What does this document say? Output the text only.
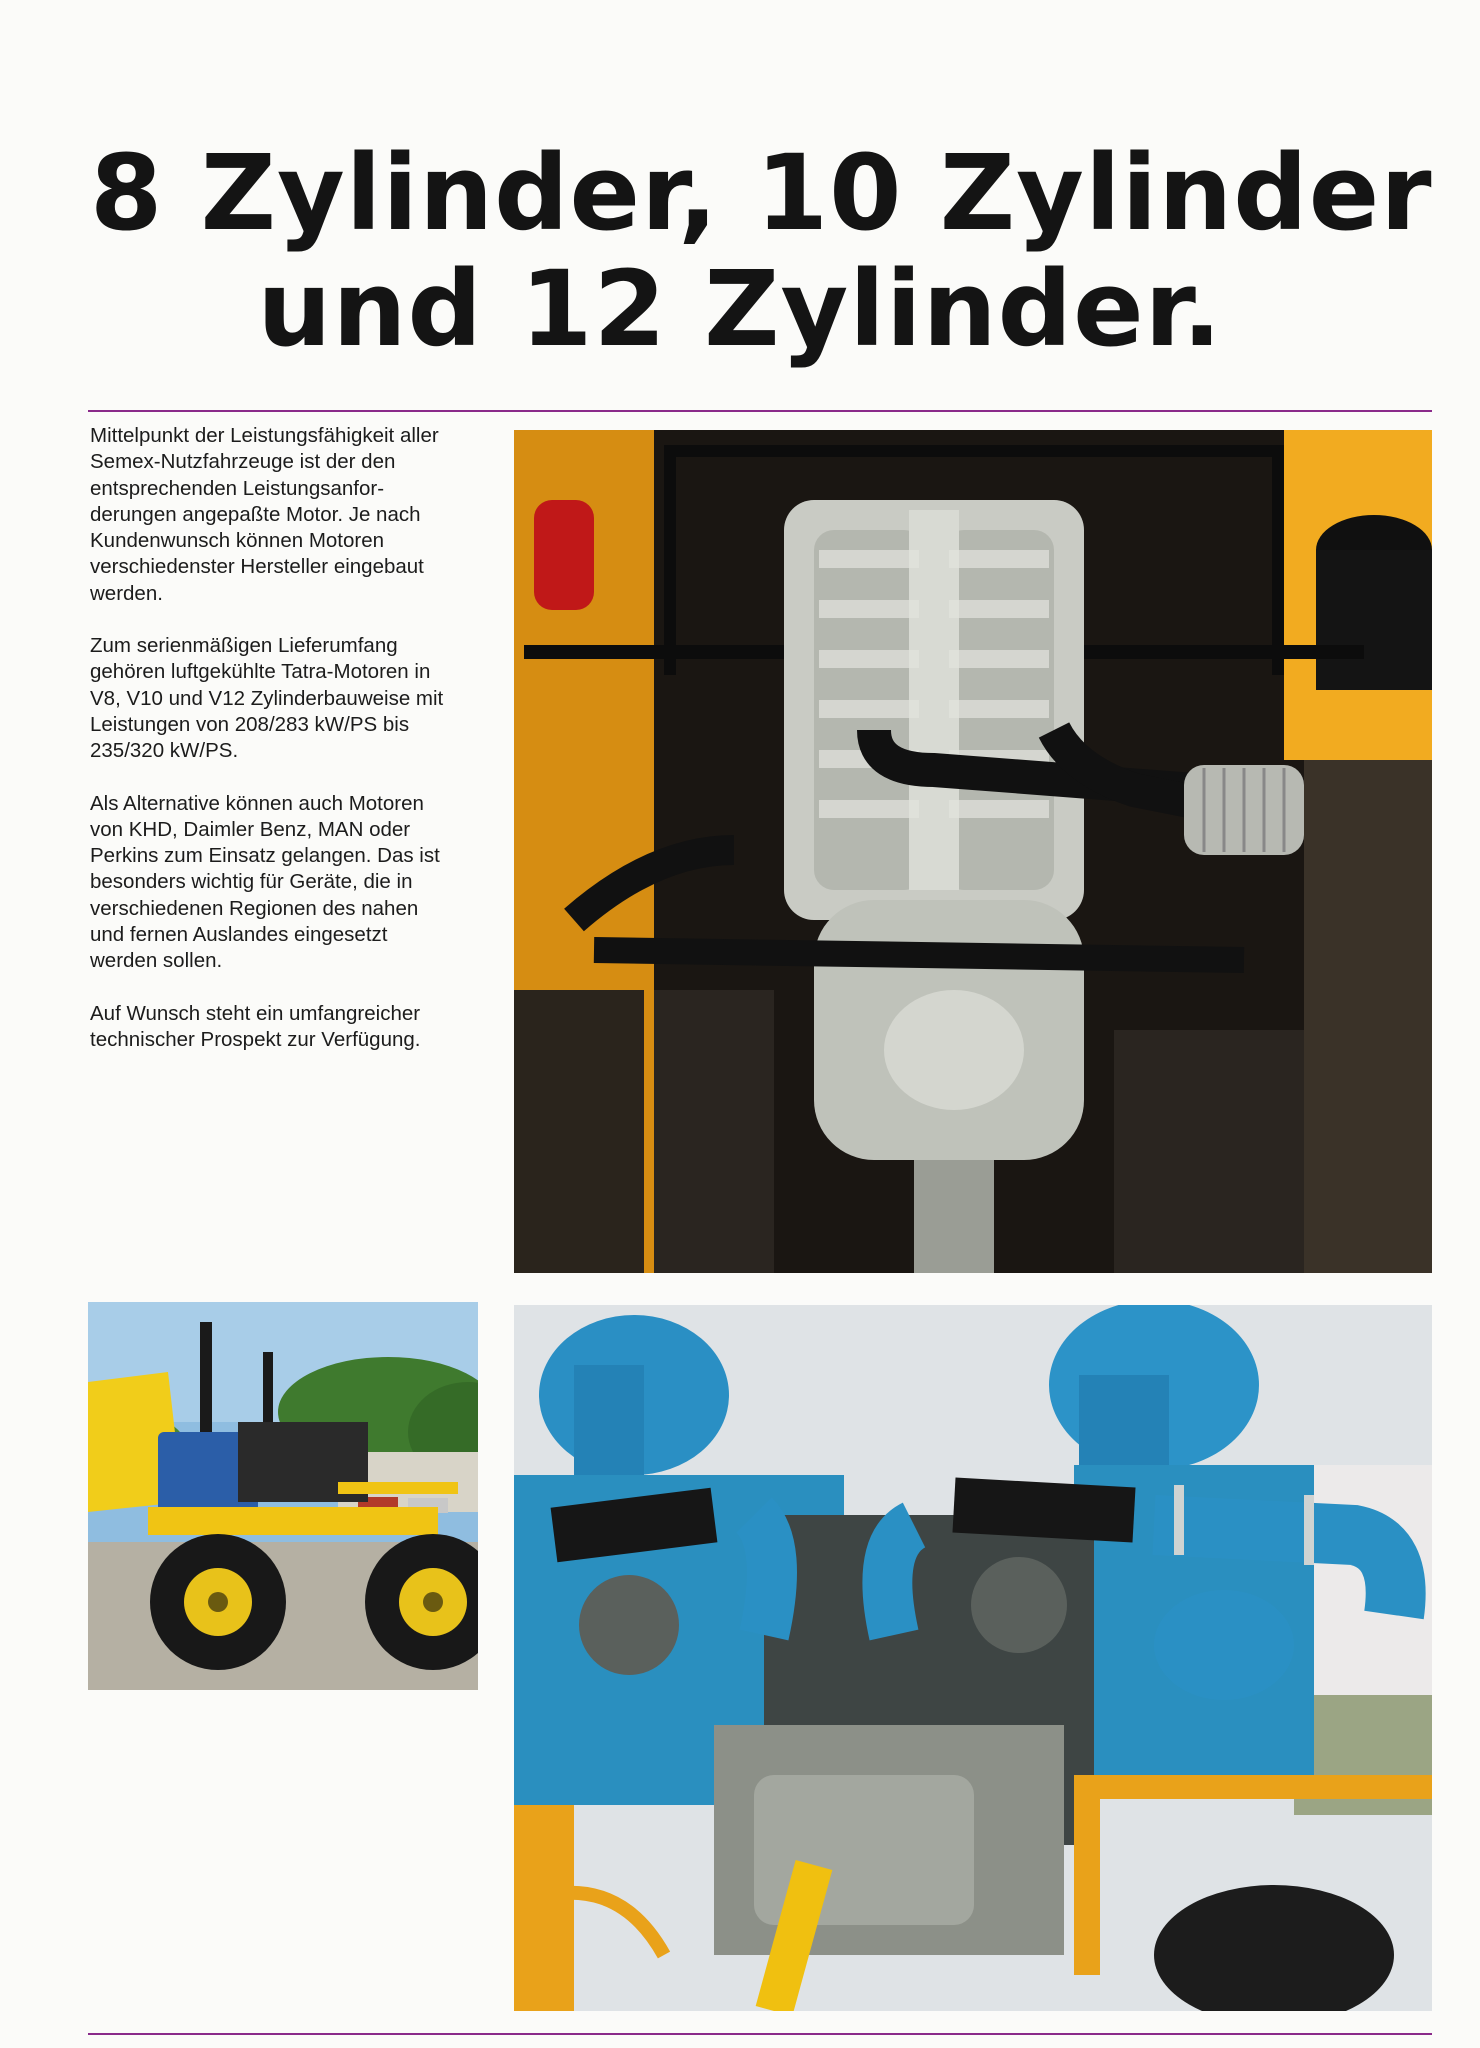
8 Zylinder, 10 Zylinder
und 12 Zylinder.

Mittelpunkt der Leistungsfähigkeit aller
Semex-Nutzfahrzeuge ist der den
entsprechenden Leistungsanfor-
derungen angepaßte Motor. Je nach
Kundenwunsch können Motoren
verschiedenster Hersteller eingebaut
werden.

Zum serienmäßigen Lieferumfang
gehören luftgekühlte Tatra-Motoren in
V8, V10 und V12 Zylinderbauweise mit
Leistungen von 208/283 kW/PS bis
235/320 kW/PS.

Als Alternative können auch Motoren
von KHD, Daimler Benz, MAN oder
Perkins zum Einsatz gelangen. Das ist
besonders wichtig für Geräte, die in
verschiedenen Regionen des nahen
und fernen Auslandes eingesetzt
werden sollen.

Auf Wunsch steht ein umfangreicher
technischer Prospekt zur Verfügung.
